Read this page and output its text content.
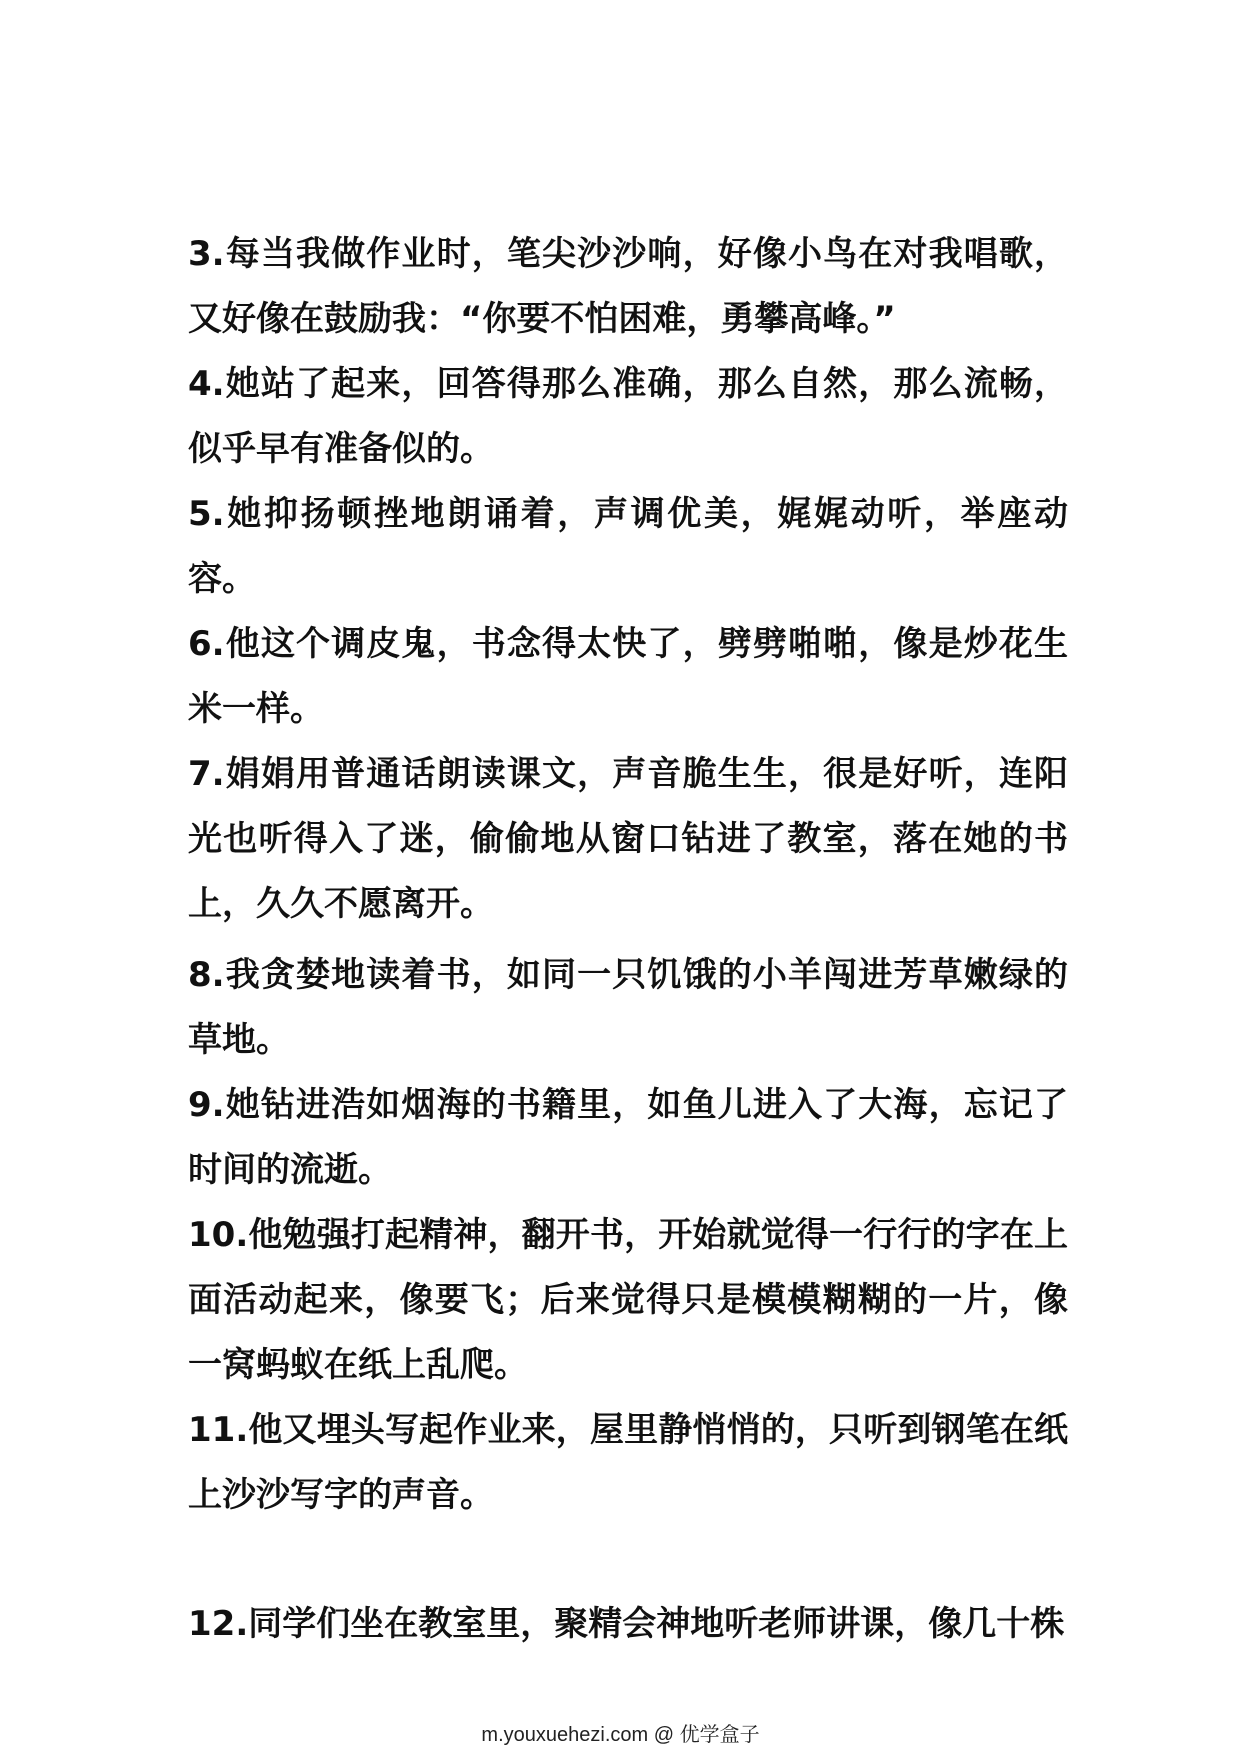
3.每当我做作业时，笔尖沙沙响，好像小鸟在对我唱歌，又好像在鼓励我：“你要不怕困难，勇攀高峰。”

4.她站了起来，回答得那么准确，那么自然，那么流畅，似乎早有准备似的。

5.她抑扬顿挫地朗诵着，声调优美，娓娓动听，举座动容。

6.他这个调皮鬼，书念得太快了，劈劈啪啪，像是炒花生米一样。

7.娟娟用普通话朗读课文，声音脆生生，很是好听，连阳光也听得入了迷，偷偷地从窗口钻进了教室，落在她的书上，久久不愿离开。

8.我贪婪地读着书，如同一只饥饿的小羊闯进芳草嫩绿的草地。

9.她钻进浩如烟海的书籍里，如鱼儿进入了大海，忘记了时间的流逝。

10.他勉强打起精神，翻开书，开始就觉得一行行的字在上面活动起来，像要飞；后来觉得只是模模糊糊的一片，像一窝蚂蚁在纸上乱爬。

11.他又埋头写起作业来，屋里静悄悄的，只听到钢笔在纸上沙沙写字的声音。

12.同学们坐在教室里，聚精会神地听老师讲课，像几十株

m.youxuehezi.com @ 优学盒子
